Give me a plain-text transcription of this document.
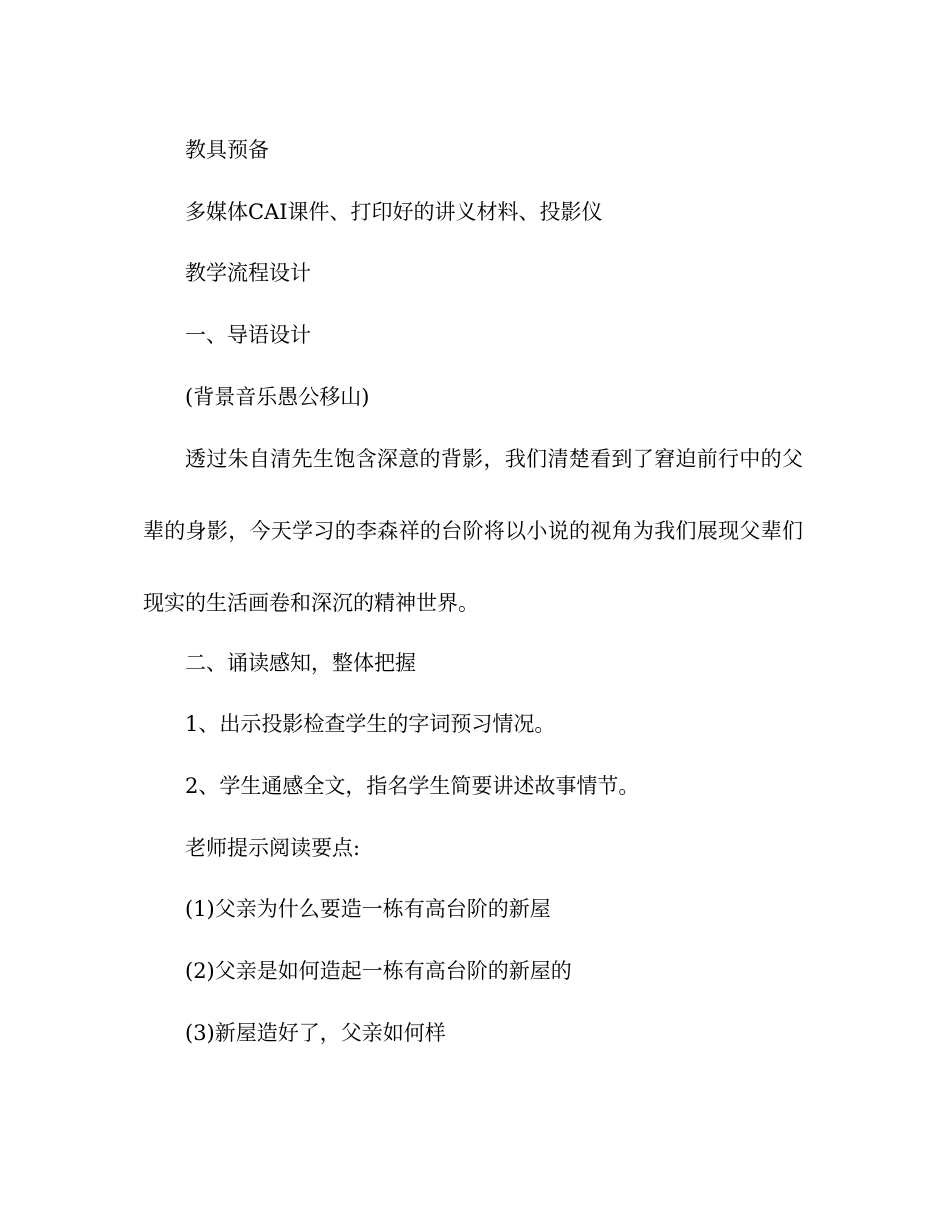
教具预备

多媒体CAI课件、打印好的讲义材料、投影仪

教学流程设计

一、导语设计

(背景音乐愚公移山)

透过朱自清先生饱含深意的背影，我们清楚看到了窘迫前行中的父辈的身影，今天学习的李森祥的台阶将以小说的视角为我们展现父辈们现实的生活画卷和深沉的精神世界。

二、诵读感知，整体把握

1、出示投影检查学生的字词预习情况。

2、学生通感全文，指名学生简要讲述故事情节。

老师提示阅读要点:

(1)父亲为什么要造一栋有高台阶的新屋

(2)父亲是如何造起一栋有高台阶的新屋的

(3)新屋造好了，父亲如何样
